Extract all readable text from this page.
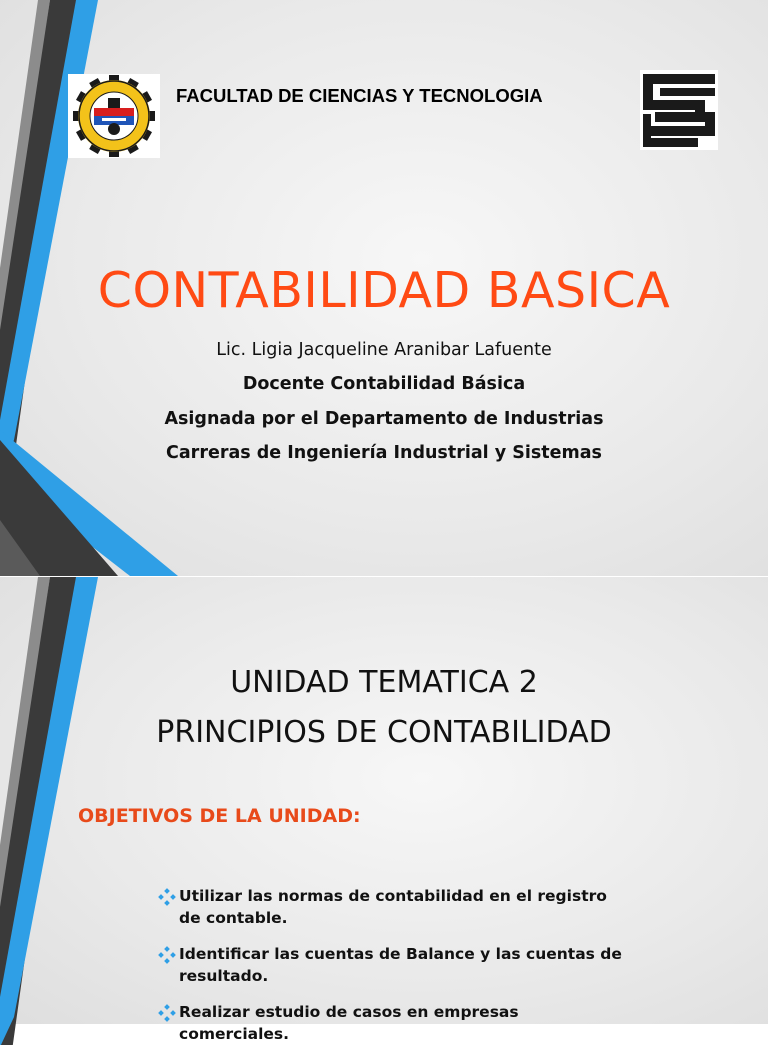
FACULTAD DE CIENCIAS Y TECNOLOGIA
CONTABILIDAD BASICA
Lic. Ligia Jacqueline Aranibar Lafuente
Docente Contabilidad Básica
Asignada por el Departamento de Industrias
Carreras de Ingeniería Industrial y Sistemas
UNIDAD TEMATICA 2
PRINCIPIOS DE CONTABILIDAD
OBJETIVOS DE LA UNIDAD:
Utilizar las normas de contabilidad en el registro de contable.
Identificar las cuentas de Balance y las cuentas de resultado.
Realizar estudio de casos en empresas comerciales.
